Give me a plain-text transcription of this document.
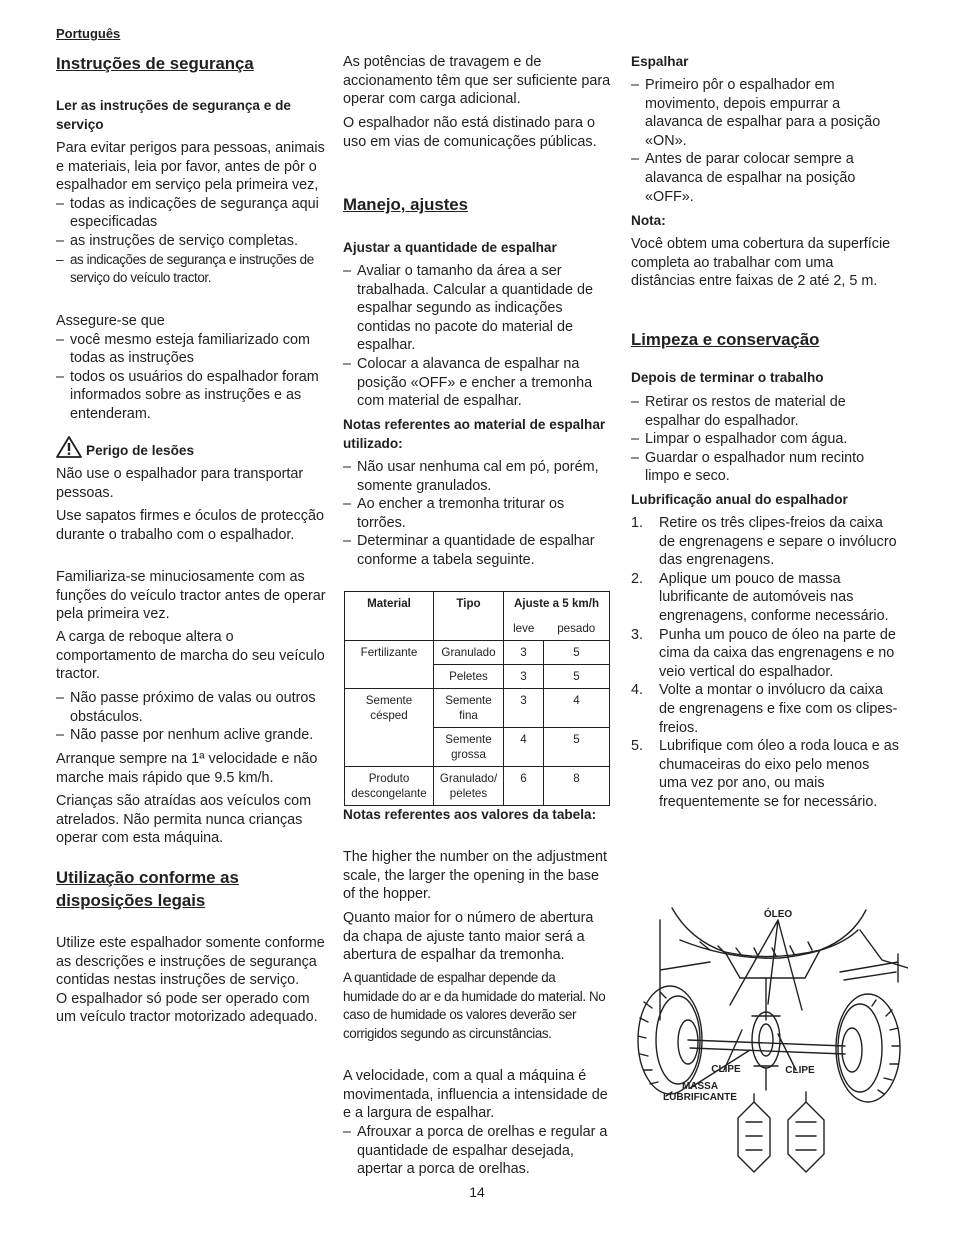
Português
Instruções de segurança
Ler as instruções de segurança e de serviço

Para evitar perigos para pessoas, animais e materiais, leia por favor, antes de pôr o espalhador em serviço pela primeira vez,

– todas as indicações de segurança aqui especificadas
– as instruções de serviço completas.
– as indicações de segurança e instruções de serviço do veículo tractor.

Assegure-se que

– você mesmo esteja familiarizado com todas as instruções
– todos os usuários do espalhador foram informados sobre as instruções e as entenderam.
Perigo de lesões

Não use o espalhador para transportar pessoas.

Use sapatos firmes e óculos de protecção durante o trabalho com o espalhador.

Familiariza-se minuciosamente com as funções do veículo tractor antes de operar pela primeira vez.

A carga de reboque altera o comportamento de marcha do seu veículo tractor.

– Não passe próximo de valas ou outros obstáculos.
– Não passe por nenhum aclive grande.

Arranque sempre na 1ª velocidade e não marche mais rápido que 9.5 km/h.

Crianças são atraídas aos veículos com atrelados. Não permita nunca crianças operar com esta máquina.

Utilização conforme as
disposições legais

Utilize este espalhador somente conforme as descrições e instruções de segurança contidas nestas instruções de serviço.

O espalhador só pode ser operado com um veículo tractor motorizado adequado.

As potências de travagem e de accionamento têm que ser suficiente para operar com carga adicional.

O espalhador não está distinado para o uso em vias de comunicações públicas.

Manejo, ajustes
Ajustar a quantidade de espalhar
– Avaliar o tamanho da área a ser trabalhada. Calcular a quantidade de espalhar segundo as indicações contidas no pacote do material de espalhar.
– Colocar a alavanca de espalhar na posição «OFF» e encher a tremonha com material de espalhar.
Notas referentes ao material de espalhar utilizado:
– Não usar nenhuma cal em pó, porém, somente granulados.
– Ao encher a tremonha triturar os torrões.
– Determinar a quantidade de espalhar conforme a tabela seguinte.
Material	Tipo	Ajuste a 5 km/h	
		leve	pesado
Fertilizante	Granulado	3	5
	Peletes	3	5
Semente césped	Semente fina	3	4
	Semente grossa	4	5
Produto descongelante	Granulado/ peletes	6	8
Notas referentes aos valores da tabela:

The higher the number on the adjustment scale, the larger the opening in the base of the hopper.

Quanto maior for o número de abertura da chapa de ajuste tanto maior será a abertura de espalhar da tremonha.

A quantidade de espalhar depende da humidade do ar e da humidade do material. No caso de humidade os valores deverão ser corrigidos segundo as circunstâncias.

A velocidade, com a qual a máquina é movimentada, influencia a intensidade de e a largura de espalhar.

– Afrouxar a porca de orelhas e regular a quantidade de espalhar desejada, apertar a porca de orelhas.
Espalhar
– Primeiro pôr o espalhador em movimento, depois empurrar a alavanca de espalhar para a posição «ON».
– Antes de parar colocar sempre a alavanca de espalhar na posição «OFF».
Nota:

Você obtem uma cobertura da superfície completa ao trabalhar com uma distâncias entre faixas de 2 até 2, 5 m.

Limpeza e conservação
Depois de terminar o trabalho
– Retirar os restos de material de espalhar do espalhador.
– Limpar o espalhador com água.
– Guardar o espalhador num recinto limpo e seco.
Lubrificação anual do espalhador
1. Retire os três clipes-freios da caixa de engrenagens e separe o invólucro das engrenagens.
2. Aplique um pouco de massa lubrificante de automóveis nas engrenagens, conforme necessário.
3. Punha um pouco de óleo na parte de cima da caixa das engrenagens e no veio vertical do espalhador.
4. Volte a montar o invólucro da caixa de engrenagens e fixe com os clipes-freios.
5. Lubrifique com óleo a roda louca e as chumaceiras do eixo pelo menos uma vez por ano, ou mais frequentemente se for necessário.
ÓLEO
CLIPE	CLIPE
MASSA
LUBRIFICANTE
14
